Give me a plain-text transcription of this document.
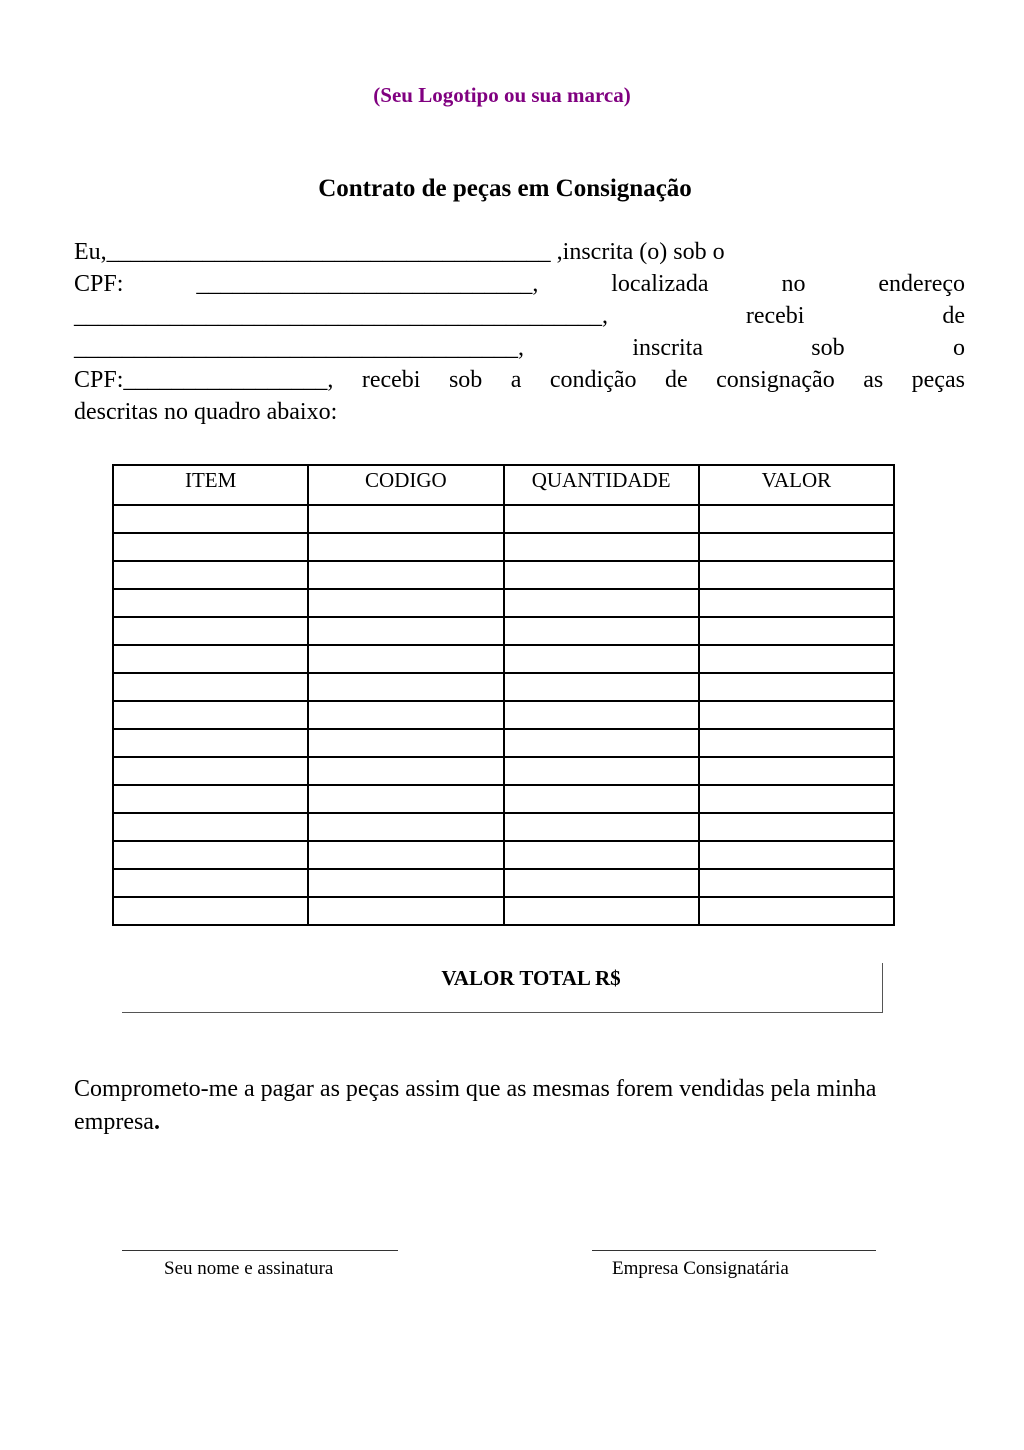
(Seu Logotipo ou sua marca)
Contrato de peças em Consignação
Eu,_____________________________________ ,inscrita (o) sob o
CPF:	____________________________,	localizada	no	endereço
____________________________________________,	recebi	de
_____________________________________,	inscrita	sob	o
CPF:_________________, recebi sob a condição de consignação as peças
descritas no quadro abaixo:
ITEM	CODIGO	QUANTIDADE	VALOR

VALOR TOTAL R$
Comprometo-me a pagar as peças assim que as mesmas forem vendidas pela minha empresa.
Seu nome e assinatura	Empresa Consignatária
